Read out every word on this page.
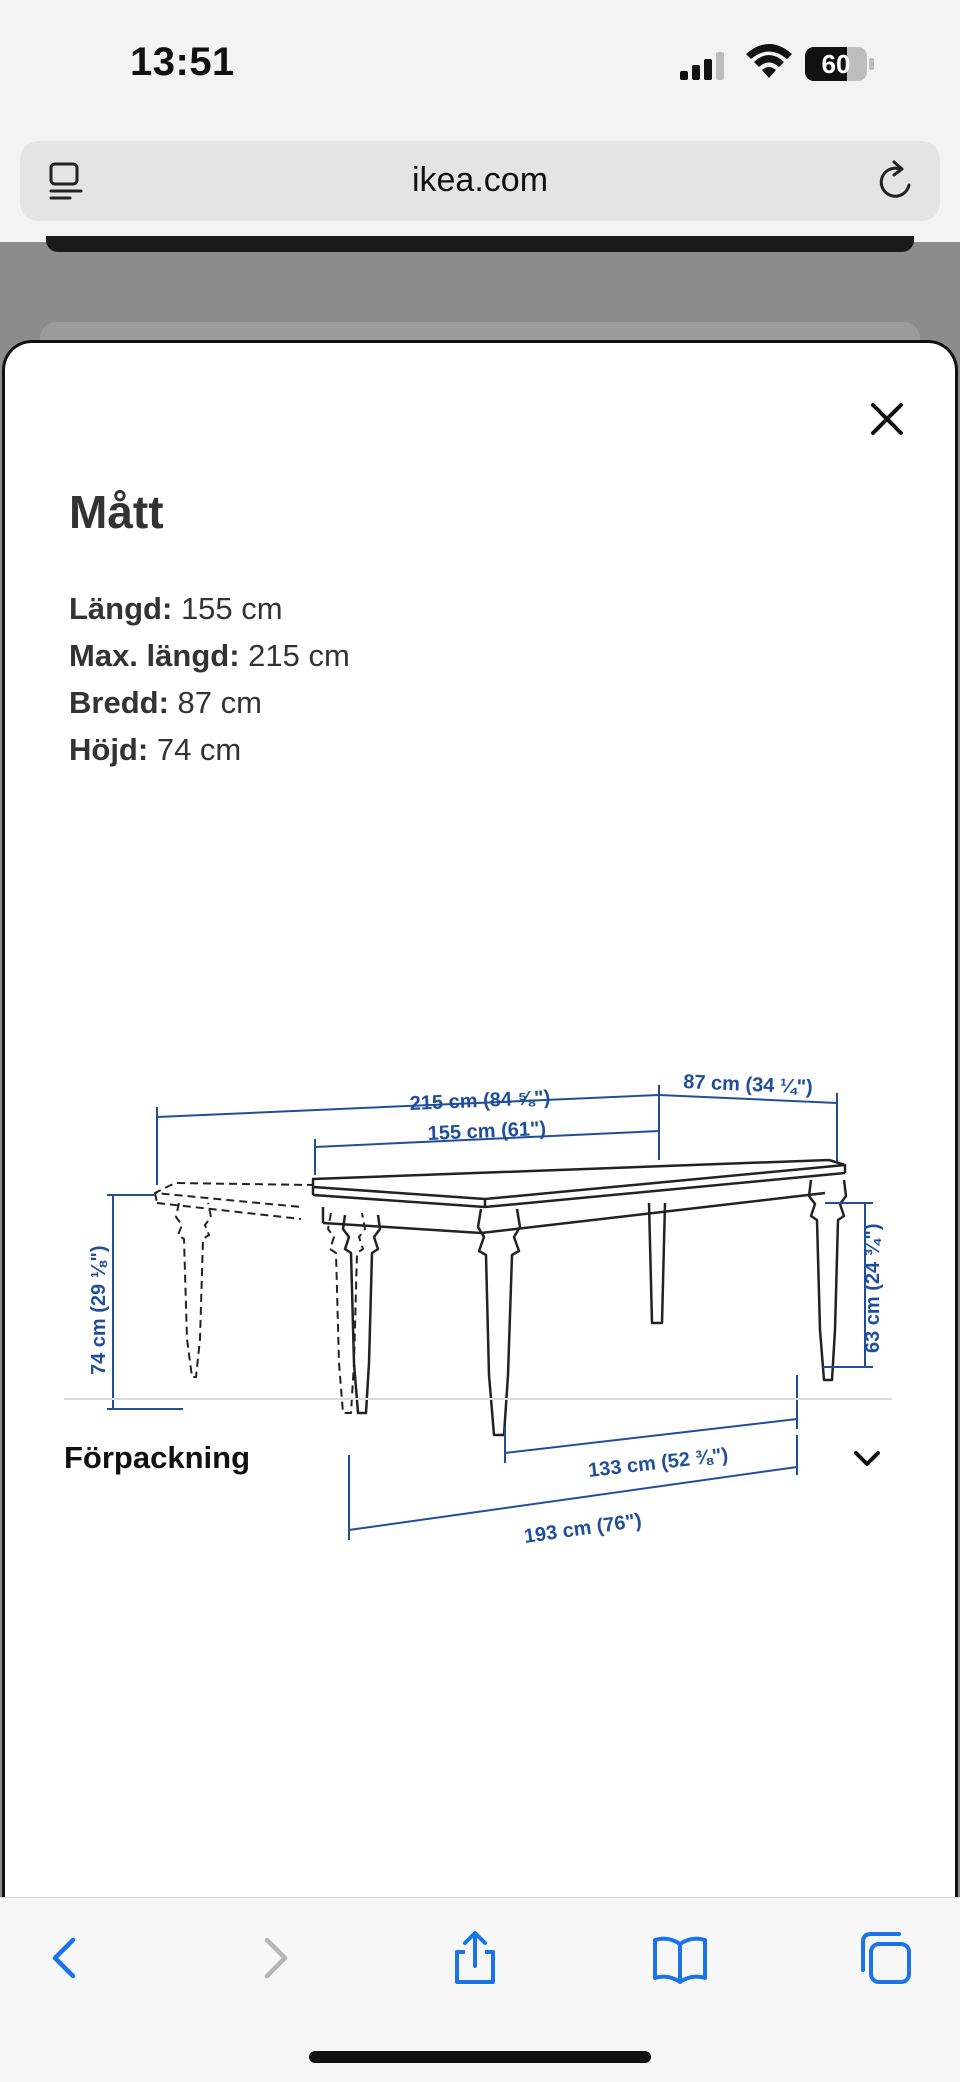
13:51	60
ikea.com
Mått
Längd: 155 cm
Max. längd: 215 cm
Bredd: 87 cm
Höjd: 74 cm
215 cm (84 ⅝")
155 cm (61")
87 cm (34 ¼")
74 cm (29 ⅛")	63 cm (24 ¾")
133 cm (52 ⅜")
193 cm (76")
Förpackning
